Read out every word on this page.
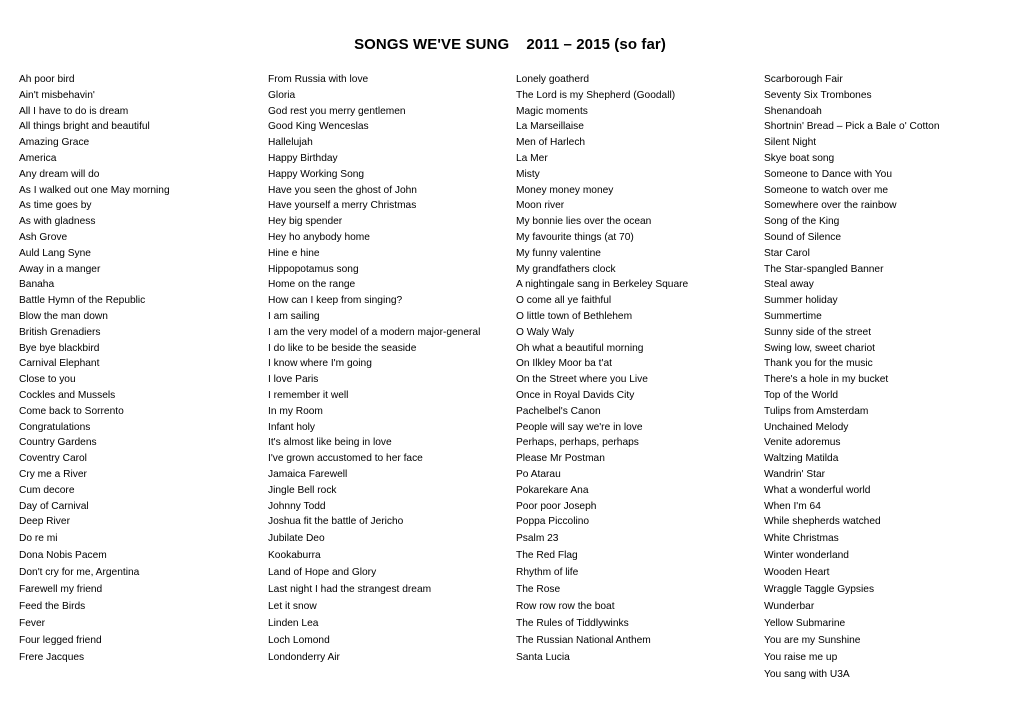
SONGS WE'VE SUNG    2011 – 2015 (so far)
Ah poor bird
Ain't misbehavin'
All I have to do is dream
All things bright and beautiful
Amazing Grace
America
Any dream will do
As I walked out one May morning
As time goes by
As with gladness
Ash Grove
Auld Lang Syne
Away in a manger
Banaha
Battle Hymn of the Republic
Blow the man down
British Grenadiers
Bye bye blackbird
Carnival Elephant
Close to you
Cockles and Mussels
Come back to Sorrento
Congratulations
Country Gardens
Coventry Carol
Cry me a River
Cum decore
Day of Carnival
Deep River
Do re mi
Dona Nobis Pacem
Don't cry for me, Argentina
Farewell my friend
Feed the Birds
Fever
Four legged friend
Frere Jacques
From Russia with love
Gloria
God rest you merry gentlemen
Good King Wenceslas
Hallelujah
Happy Birthday
Happy Working Song
Have you seen the ghost of John
Have yourself a merry Christmas
Hey big spender
Hey ho anybody home
Hine e hine
Hippopotamus song
Home on the range
How can I keep from singing?
I am sailing
I am the very model of a modern major-general
I do like to be beside the seaside
I know where I'm going
I love Paris
I remember it well
In my Room
Infant holy
It's almost like being in love
I've grown accustomed to her face
Jamaica Farewell
Jingle Bell rock
Johnny Todd
Joshua fit the battle of Jericho
Jubilate Deo
Kookaburra
Land of Hope and Glory
Last night I had the strangest dream
Let it snow
Linden Lea
Loch Lomond
Londonderry Air
Lonely goatherd
The Lord is my Shepherd (Goodall)
Magic moments
La Marseillaise
Men of Harlech
La Mer
Misty
Money money money
Moon river
My bonnie lies over the ocean
My favourite things (at 70)
My funny valentine
My grandfathers clock
A nightingale sang in Berkeley Square
O come all ye faithful
O little town of Bethlehem
O Waly Waly
Oh what a beautiful morning
On Ilkley Moor ba t'at
On the Street where you Live
Once in Royal Davids City
Pachelbel's Canon
People will say we're in love
Perhaps, perhaps, perhaps
Please Mr Postman
Po Atarau
Pokarekare Ana
Poor poor Joseph
Poppa Piccolino
Psalm 23
The Red Flag
Rhythm of life
The Rose
Row row row the boat
The Rules of Tiddlywinks
The Russian National Anthem
Santa Lucia
Scarborough Fair
Seventy Six Trombones
Shenandoah
Shortnin' Bread – Pick a Bale o' Cotton
Silent Night
Skye boat song
Someone to Dance with You
Someone to watch over me
Somewhere over the rainbow
Song of the King
Sound of Silence
Star Carol
The Star-spangled Banner
Steal away
Summer holiday
Summertime
Sunny side of the street
Swing low, sweet chariot
Thank you for the music
There's a hole in my bucket
Top of the World
Tulips from Amsterdam
Unchained Melody
Venite adoremus
Waltzing Matilda
Wandrin' Star
What a wonderful world
When I'm 64
While shepherds watched
White Christmas
Winter wonderland
Wooden Heart
Wraggle Taggle Gypsies
Wunderbar
Yellow Submarine
You are my Sunshine
You raise me up
You sang with U3A
